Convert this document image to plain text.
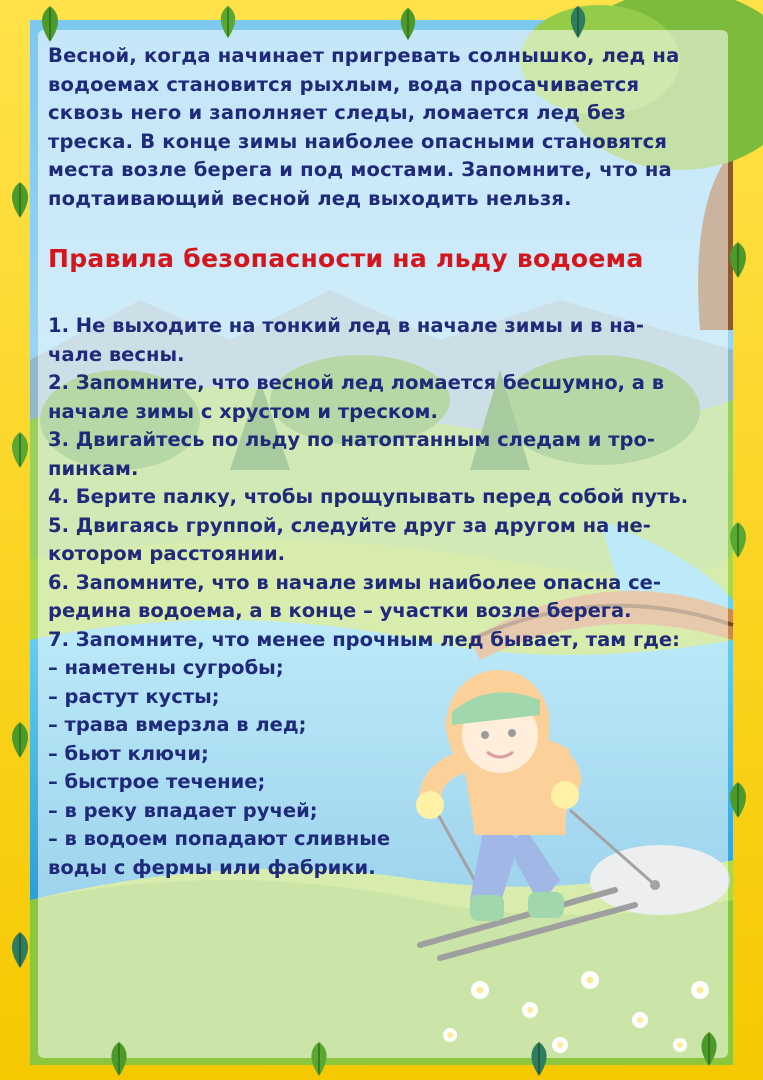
Весной, когда начинает пригревать солнышко, лед на водоемах становится рыхлым, вода просачивается сквозь него и заполняет следы, ломается лед без треска. В конце зимы наиболее опасными становятся места возле берега и под мостами. Запомните, что на подтаивающий весной лед выходить нельзя.
Правила безопасности на льду водоема
1. Не выходите на тонкий лед в начале зимы и в на-
чале весны.
2. Запомните, что весной лед ломается бесшумно, а в
начале зимы с хрустом и треском.
3. Двигайтесь по льду по натоптанным следам и тро-
пинкам.
4. Берите палку, чтобы прощупывать перед собой путь.
5. Двигаясь группой, следуйте друг за другом на не-
котором расстоянии.
6. Запомните, что в начале зимы наиболее опасна се-
редина водоема, а в конце – участки возле берега.
7. Запомните, что менее прочным лед бывает, там где:
– наметены сугробы;
– растут кусты;
– трава вмерзла в лед;
– бьют ключи;
– быстрое течение;
– в реку впадает ручей;
– в водоем попадают сливные
воды с фермы или фабрики.
